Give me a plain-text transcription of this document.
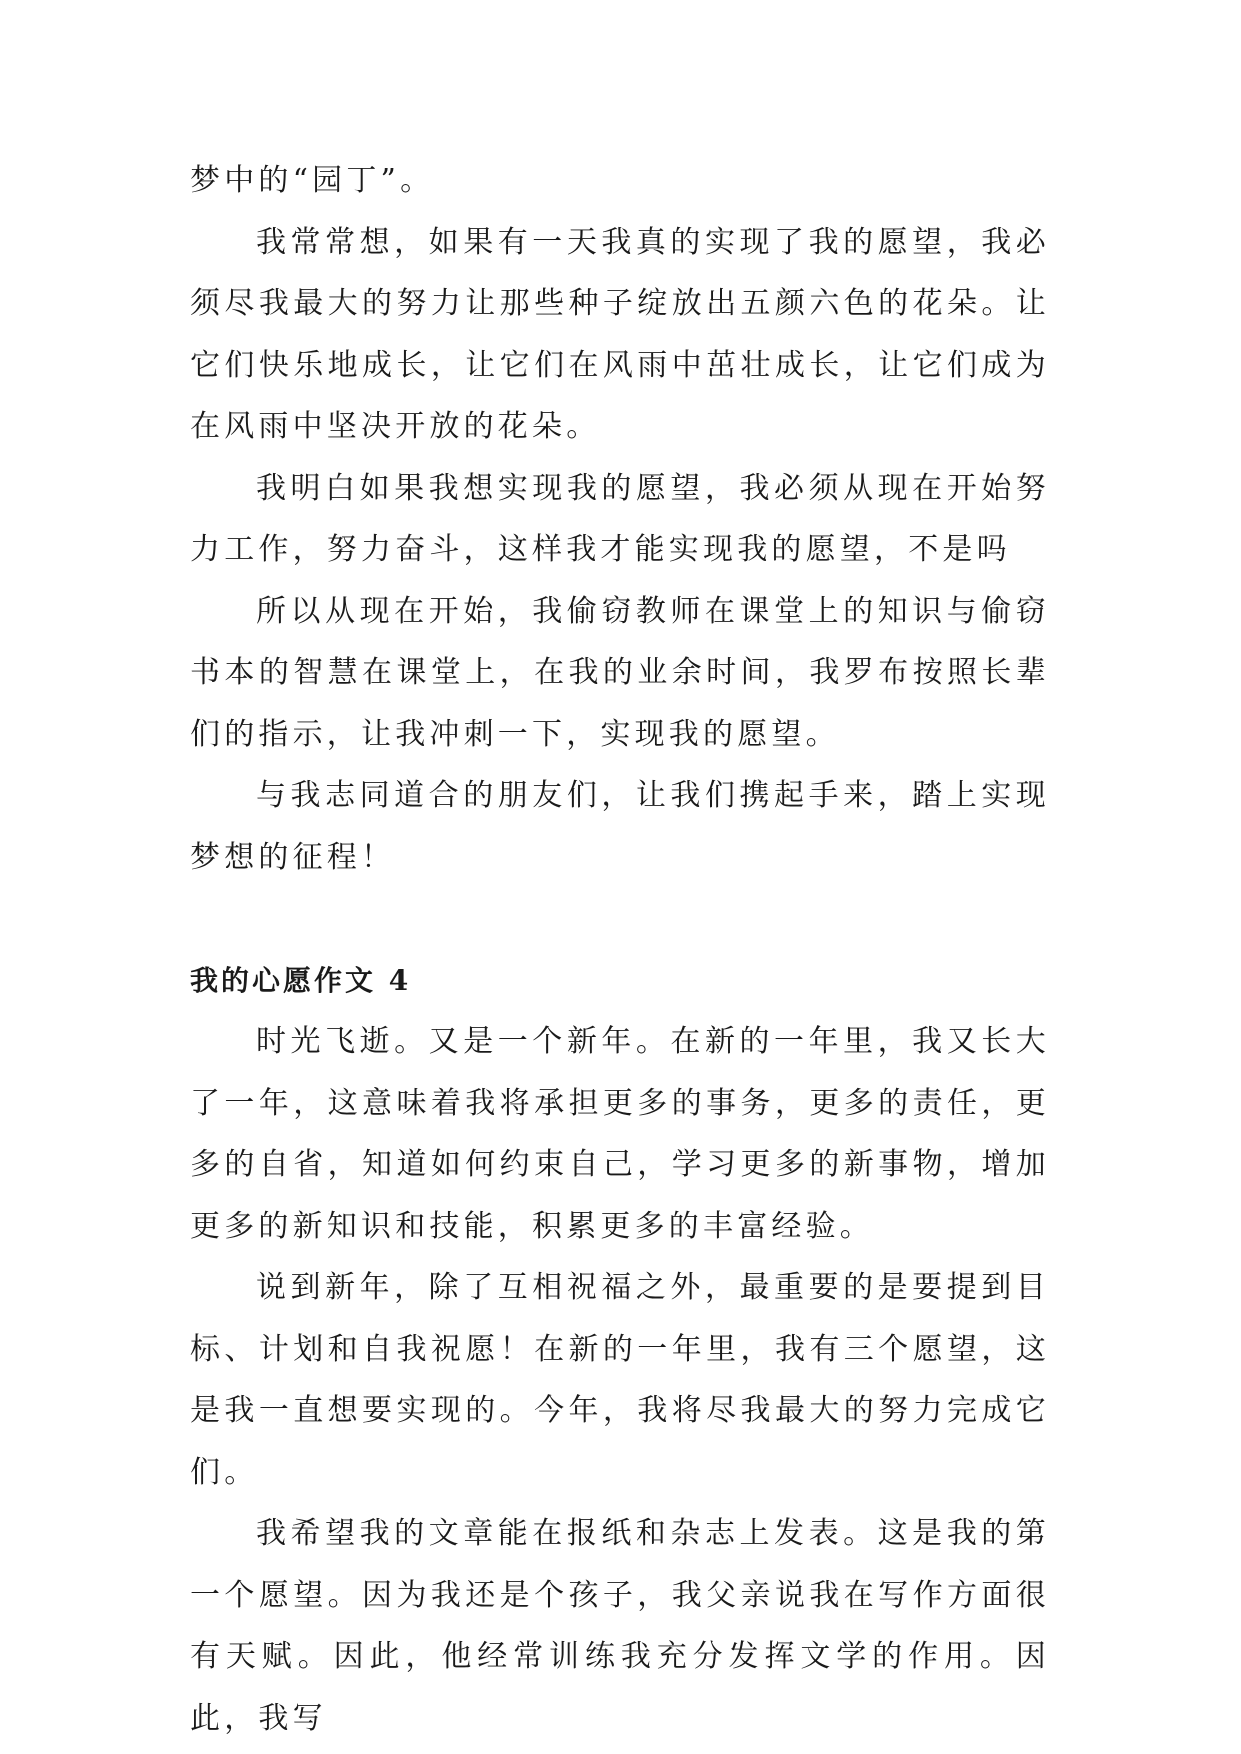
梦中的“园丁”。

我常常想，如果有一天我真的实现了我的愿望，我必须尽我最大的努力让那些种子绽放出五颜六色的花朵。让它们快乐地成长，让它们在风雨中茁壮成长，让它们成为在风雨中坚决开放的花朵。

我明白如果我想实现我的愿望，我必须从现在开始努力工作，努力奋斗，这样我才能实现我的愿望，不是吗

所以从现在开始，我偷窃教师在课堂上的知识与偷窃书本的智慧在课堂上，在我的业余时间，我罗布按照长辈们的指示，让我冲刺一下，实现我的愿望。

与我志同道合的朋友们，让我们携起手来，踏上实现梦想的征程！

我的心愿作文 4

时光飞逝。又是一个新年。在新的一年里，我又长大了一年，这意味着我将承担更多的事务，更多的责任，更多的自省，知道如何约束自己，学习更多的新事物，增加更多的新知识和技能，积累更多的丰富经验。

说到新年，除了互相祝福之外，最重要的是要提到目标、计划和自我祝愿！在新的一年里，我有三个愿望，这是我一直想要实现的。今年，我将尽我最大的努力完成它们。

我希望我的文章能在报纸和杂志上发表。这是我的第一个愿望。因为我还是个孩子，我父亲说我在写作方面很有天赋。因此，他经常训练我充分发挥文学的作用。因此，我写
